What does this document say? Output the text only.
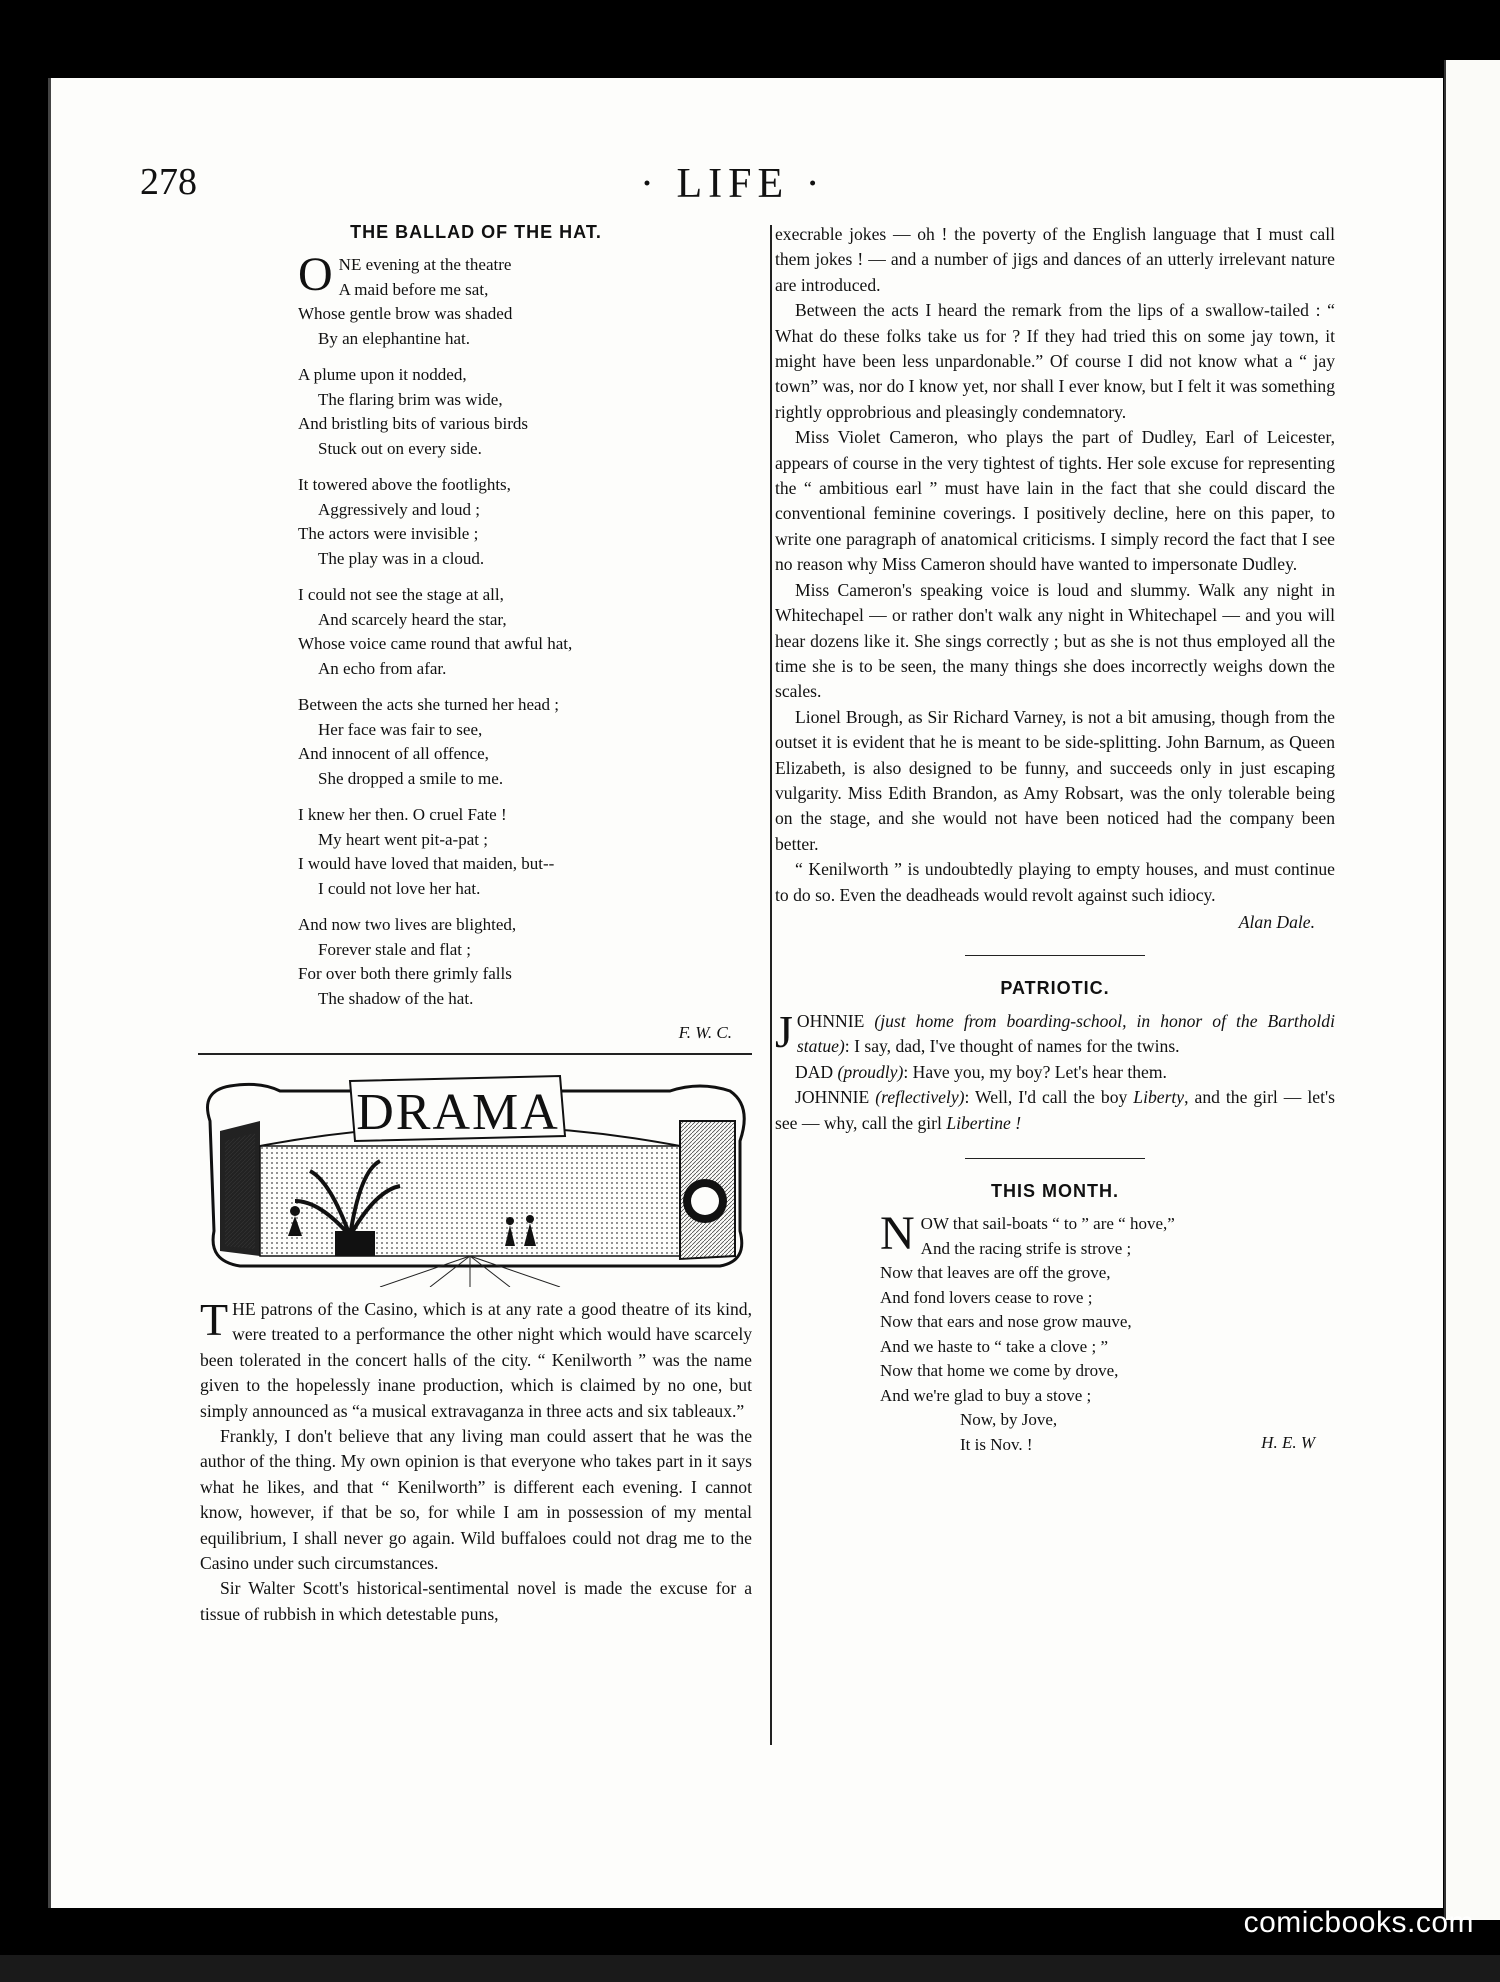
278	· LIFE ·
THE BALLAD OF THE HAT.
O NE evening at the theatre
A maid before me sat,
Whose gentle brow was shaded
By an elephantine hat.
A plume upon it nodded,
The flaring brim was wide,
And bristling bits of various birds
Stuck out on every side.
It towered above the footlights,
Aggressively and loud ;
The actors were invisible ;
The play was in a cloud.
I could not see the stage at all,
And scarcely heard the star,
Whose voice came round that awful hat,
An echo from afar.
Between the acts she turned her head ;
Her face was fair to see,
And innocent of all offence,
She dropped a smile to me.
I knew her then. O cruel Fate !
My heart went pit-a-pat ;
I would have loved that maiden, but--
I could not love her hat.
And now two lives are blighted,
Forever stale and flat ;
For over both there grimly falls
The shadow of the hat.
F. W. C.
DRAMA

THE patrons of the Casino, which is at any rate a good theatre of its kind, were treated to a performance the other night which would have scarcely been tolerated in the concert halls of the city. “ Kenilworth ” was the name given to the hopelessly inane production, which is claimed by no one, but simply announced as “a musical extravaganza in three acts and six tableaux.”

Frankly, I don't believe that any living man could assert that he was the author of the thing. My own opinion is that everyone who takes part in it says what he likes, and that “ Kenilworth” is different each evening. I cannot know, however, if that be so, for while I am in possession of my mental equilibrium, I shall never go again. Wild buffaloes could not drag me to the Casino under such circumstances.

Sir Walter Scott's historical-sentimental novel is made the excuse for a tissue of rubbish in which detestable puns,

execrable jokes — oh ! the poverty of the English language that I must call them jokes ! — and a number of jigs and dances of an utterly irrelevant nature are introduced.

Between the acts I heard the remark from the lips of a swallow-tailed : “ What do these folks take us for ? If they had tried this on some jay town, it might have been less unpardonable.” Of course I did not know what a “ jay town” was, nor do I know yet, nor shall I ever know, but I felt it was something rightly opprobrious and pleasingly condemnatory.

Miss Violet Cameron, who plays the part of Dudley, Earl of Leicester, appears of course in the very tightest of tights. Her sole excuse for representing the “ ambitious earl ” must have lain in the fact that she could discard the conventional feminine coverings. I positively decline, here on this paper, to write one paragraph of anatomical criticisms. I simply record the fact that I see no reason why Miss Cameron should have wanted to impersonate Dudley.

Miss Cameron's speaking voice is loud and slummy. Walk any night in Whitechapel — or rather don't walk any night in Whitechapel — and you will hear dozens like it. She sings correctly ; but as she is not thus employed all the time she is to be seen, the many things she does incorrectly weighs down the scales.

Lionel Brough, as Sir Richard Varney, is not a bit amusing, though from the outset it is evident that he is meant to be side-splitting. John Barnum, as Queen Elizabeth, is also designed to be funny, and succeeds only in just escaping vulgarity. Miss Edith Brandon, as Amy Robsart, was the only tolerable being on the stage, and she would not have been noticed had the company been better.

“ Kenilworth ” is undoubtedly playing to empty houses, and must continue to do so. Even the deadheads would revolt against such idiocy.

Alan Dale.
PATRIOTIC.

JOHNNIE (just home from boarding-school, in honor of the Bartholdi statue): I say, dad, I've thought of names for the twins.

DAD (proudly): Have you, my boy? Let's hear them.

JOHNNIE (reflectively): Well, I'd call the boy Liberty, and the girl — let's see — why, call the girl Libertine !

THIS MONTH.
N OW that sail-boats “ to ” are “ hove,”
And the racing strife is strove ;
Now that leaves are off the grove,
And fond lovers cease to rove ;
Now that ears and nose grow mauve,
And we haste to “ take a clove ; ”
Now that home we come by drove,
And we're glad to buy a stove ;
Now, by Jove,
It is Nov. !	H. E. W
comicbooks.com
